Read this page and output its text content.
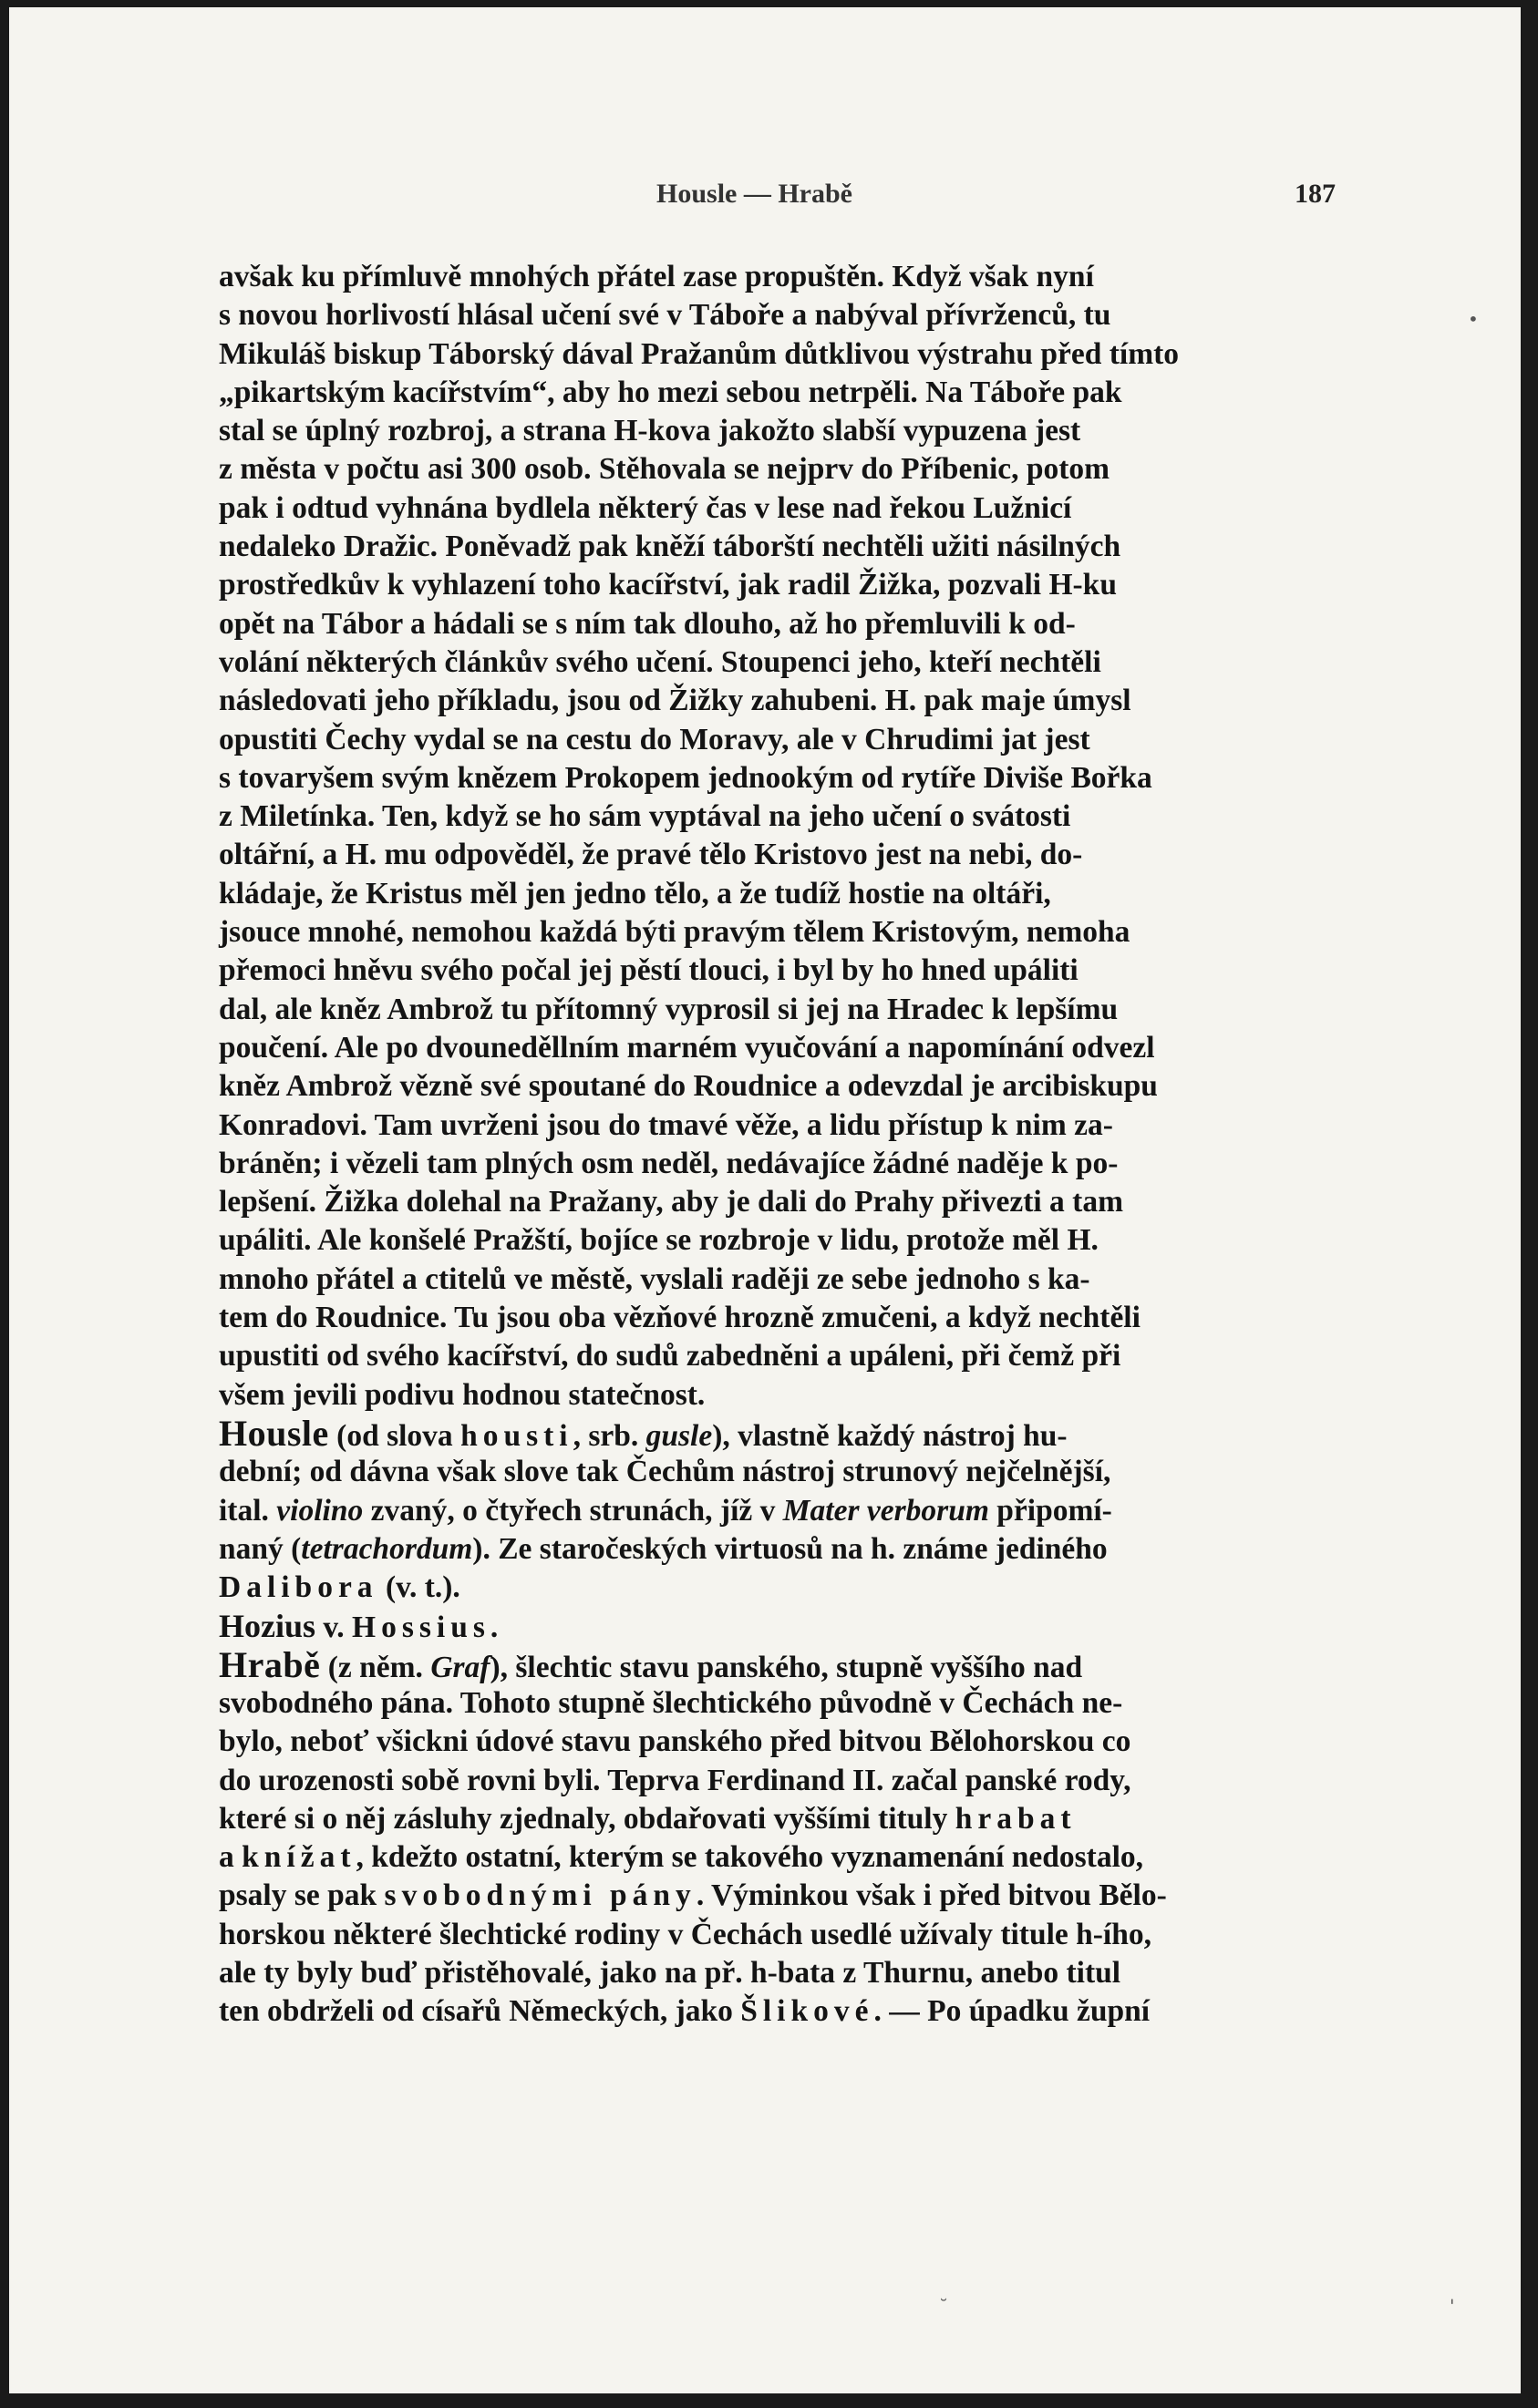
Housle — Hrabě	187
avšak ku přímluvě mnohých přátel zase propuštěn. Když však nyní
s novou horlivostí hlásal učení své v Táboře a nabýval přívrženců, tu
Mikuláš biskup Táborský dával Pražanům důtklivou výstrahu před tímto
„pikartským kacířstvím“, aby ho mezi sebou netrpěli. Na Táboře pak
stal se úplný rozbroj, a strana H-kova jakožto slabší vypuzena jest
z města v počtu asi 300 osob. Stěhovala se nejprv do Příbenic, potom
pak i odtud vyhnána bydlela některý čas v lese nad řekou Lužnicí
nedaleko Dražic. Poněvadž pak kněží táborští nechtěli užiti násilných
prostředkův k vyhlazení toho kacířství, jak radil Žižka, pozvali H-ku
opět na Tábor a hádali se s ním tak dlouho, až ho přemluvili k od-
volání některých článkův svého učení. Stoupenci jeho, kteří nechtěli
následovati jeho příkladu, jsou od Žižky zahubeni. H. pak maje úmysl
opustiti Čechy vydal se na cestu do Moravy, ale v Chrudimi jat jest
s tovaryšem svým knězem Prokopem jednookým od rytíře Diviše Bořka
z Miletínka. Ten, když se ho sám vyptával na jeho učení o svátosti
oltářní, a H. mu odpověděl, že pravé tělo Kristovo jest na nebi, do-
kládaje, že Kristus měl jen jedno tělo, a že tudíž hostie na oltáři,
jsouce mnohé, nemohou každá býti pravým tělem Kristovým, nemoha
přemoci hněvu svého počal jej pěstí tlouci, i byl by ho hned upáliti
dal, ale kněz Ambrož tu přítomný vyprosil si jej na Hradec k lepšímu
poučení. Ale po dvouneděllním marném vyučování a napomínání odvezl
kněz Ambrož vězně své spoutané do Roudnice a odevzdal je arcibiskupu
Konradovi. Tam uvrženi jsou do tmavé věže, a lidu přístup k nim za-
bráněn; i vězeli tam plných osm neděl, nedávajíce žádné naděje k po-
lepšení. Žižka dolehal na Pražany, aby je dali do Prahy přivezti a tam
upáliti. Ale konšelé Pražští, bojíce se rozbroje v lidu, protože měl H.
mnoho přátel a ctitelů ve městě, vyslali raději ze sebe jednoho s ka-
tem do Roudnice. Tu jsou oba vězňové hrozně zmučeni, a když nechtěli
upustiti od svého kacířství, do sudů zabedněni a upáleni, při čemž při
všem jevili podivu hodnou statečnost.
Housle (od slova housti, srb. gusle), vlastně každý nástroj hu-
dební; od dávna však slove tak Čechům nástroj strunový nejčelnější,
ital. violino zvaný, o čtyřech strunách, jíž v Mater verborum připomí-
naný (tetrachordum). Ze staročeských virtuosů na h. známe jediného
Dalibora (v. t.).
Hozius v. Hossius.
Hrabě (z něm. Graf), šlechtic stavu panského, stupně vyššího nad
svobodného pána. Tohoto stupně šlechtického původně v Čechách ne-
bylo, neboť všickni údové stavu panského před bitvou Bělohorskou co
do urozenosti sobě rovni byli. Teprva Ferdinand II. začal panské rody,
které si o něj zásluhy zjednaly, obdařovati vyššími tituly hrabat
a knížat, kdežto ostatní, kterým se takového vyznamenání nedostalo,
psaly se pak svobodnými pány. Výminkou však i před bitvou Bělo-
horskou některé šlechtické rodiny v Čechách usedlé užívaly titule h-ího,
ale ty byly buď přistěhovalé, jako na př. h-bata z Thurnu, anebo titul
ten obdrželi od císařů Německých, jako Šlikové. — Po úpadku župní
•
˘	'
